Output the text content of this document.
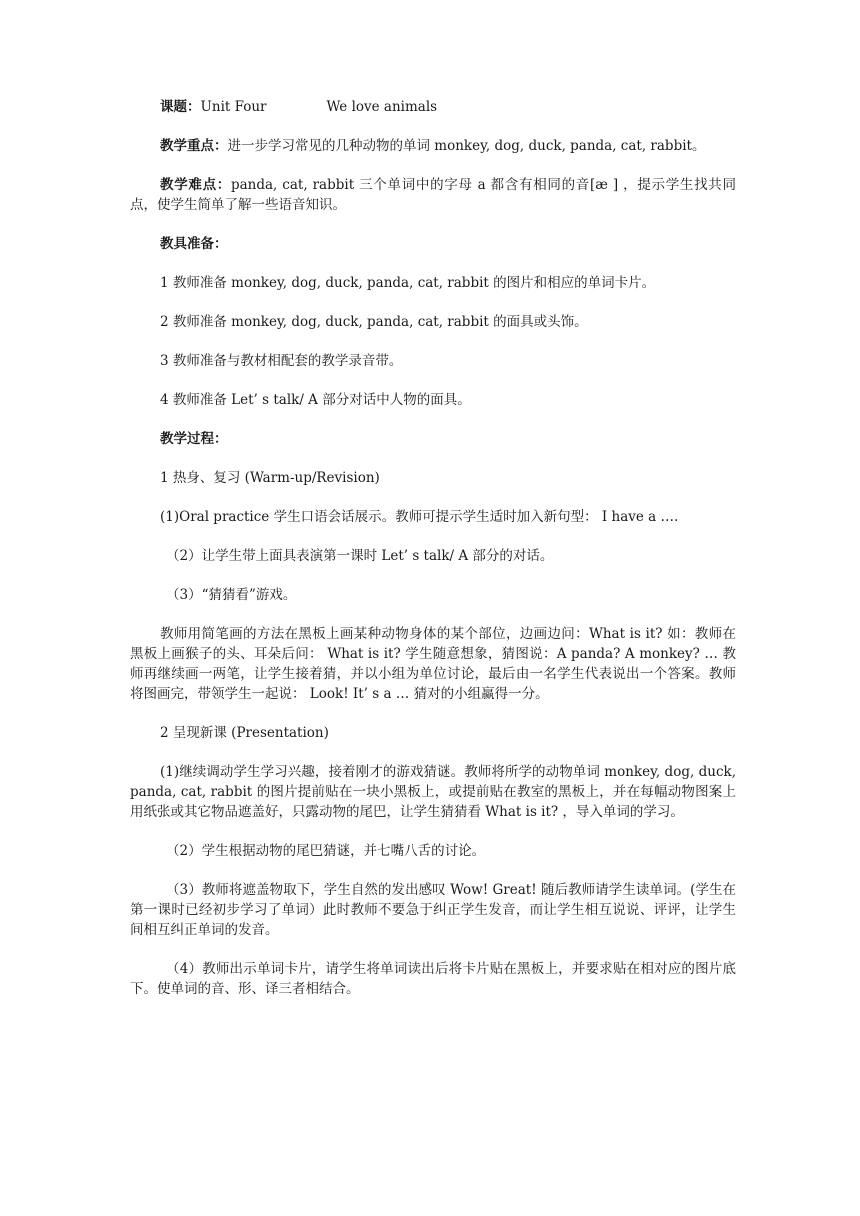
课题：Unit Four	We love animals

教学重点：进一步学习常见的几种动物的单词 monkey, dog, duck, panda, cat, rabbit。

教学难点：panda, cat, rabbit 三个单词中的字母 a 都含有相同的音[æ ] ，提示学生找共同点，使学生简单了解一些语音知识。

教具准备：

1 教师准备 monkey, dog, duck, panda, cat, rabbit 的图片和相应的单词卡片。

2 教师准备 monkey, dog, duck, panda, cat, rabbit 的面具或头饰。

3 教师准备与教材相配套的教学录音带。

4 教师准备 Let’ s talk/ A 部分对话中人物的面具。

教学过程：

1 热身、复习 (Warm-up/Revision)

(1)Oral practice 学生口语会话展示。教师可提示学生适时加入新句型： I have a ….

（2）让学生带上面具表演第一课时 Let’ s talk/ A 部分的对话。

（3）“猜猜看”游戏。

教师用简笔画的方法在黑板上画某种动物身体的某个部位，边画边问：What is it? 如：教师在黑板上画猴子的头、耳朵后问： What is it? 学生随意想象，猜图说：A panda? A monkey? … 教师再继续画一两笔，让学生接着猜，并以小组为单位讨论，最后由一名学生代表说出一个答案。教师将图画完，带领学生一起说： Look! It’ s a … 猜对的小组赢得一分。

2 呈现新课 (Presentation)

(1)继续调动学生学习兴趣，接着刚才的游戏猜谜。教师将所学的动物单词 monkey, dog, duck, panda, cat, rabbit 的图片提前贴在一块小黑板上，或提前贴在教室的黑板上，并在每幅动物图案上用纸张或其它物品遮盖好，只露动物的尾巴，让学生猜猜看 What is it? ，导入单词的学习。

（2）学生根据动物的尾巴猜谜，并七嘴八舌的讨论。

（3）教师将遮盖物取下，学生自然的发出感叹 Wow! Great! 随后教师请学生读单词。(学生在第一课时已经初步学习了单词）此时教师不要急于纠正学生发音，而让学生相互说说、评评，让学生间相互纠正单词的发音。

（4）教师出示单词卡片，请学生将单词读出后将卡片贴在黑板上，并要求贴在相对应的图片底下。使单词的音、形、译三者相结合。
